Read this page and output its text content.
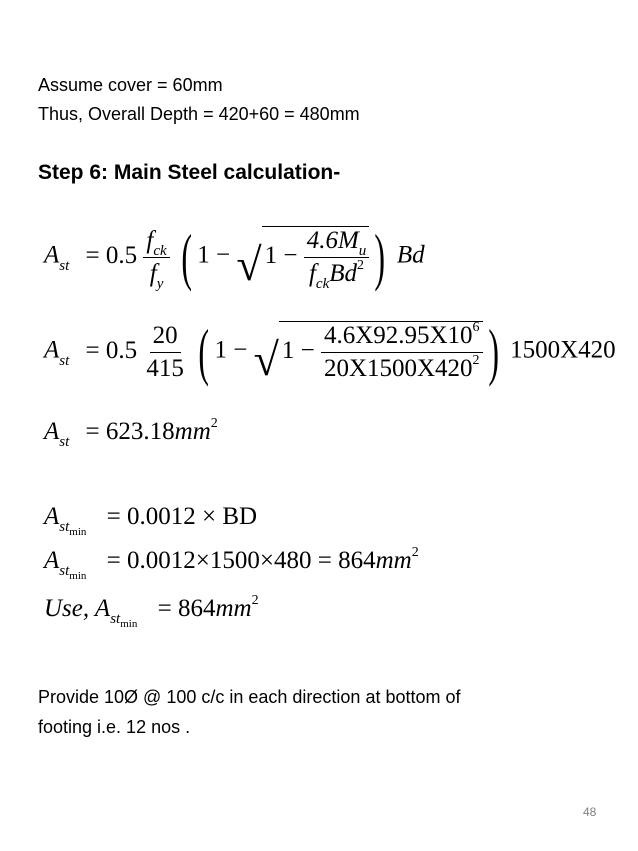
Assume cover = 60mm
Thus, Overall Depth = 420+60 = 480mm
Step 6: Main Steel calculation-
$A_{st} = 0.5 \frac{f_{ck}}{f_y}$ ( 1 − √ $1 - \frac{4.6M_u}{f_{ck}Bd^2}$ ) Bd
$A_{st} = 0.5 \frac{20}{415}$ ( 1 − √ $1 - \frac{4.6X92.95X10^6}{20X1500X420^2}$ ) 1500X420
$A_{st} = 623.18mm^2$
$A_{st_{min}} = 0.0012$ × BD
$A_{st_{min}} = 0.0012\times 1500\times 480 = 864mm^2$
Use, $A_{st_{min}} = 864mm^2$
Provide 10Ø @ 100 c/c in each direction at bottom of
footing i.e. 12 nos .
48
